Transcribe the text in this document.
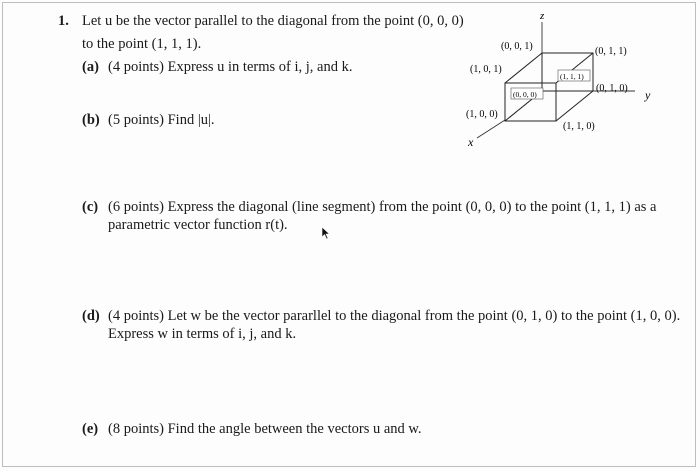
1. Let u be the vector parallel to the diagonal from the point (0, 0, 0)
to the point (1, 1, 1).
(a) (4 points) Express u in terms of i, j, and k.
(b) (5 points) Find |u|.
(c) (6 points) Express the diagonal (line segment) from the point (0, 0, 0) to the point (1, 1, 1) as a
parametric vector function r(t).
(d) (4 points) Let w be the vector pararllel to the diagonal from the point (0, 1, 0) to the point (1, 0, 0).
Express w in terms of i, j, and k.
(e) (8 points) Find the angle between the vectors u and w.
z
y
x
(0, 0, 1)	(0, 1, 1)
(1, 0, 1)
(1, 1, 1)
(0, 0, 0)
(0, 1, 0)
(1, 0, 0)
(1, 1, 0)
